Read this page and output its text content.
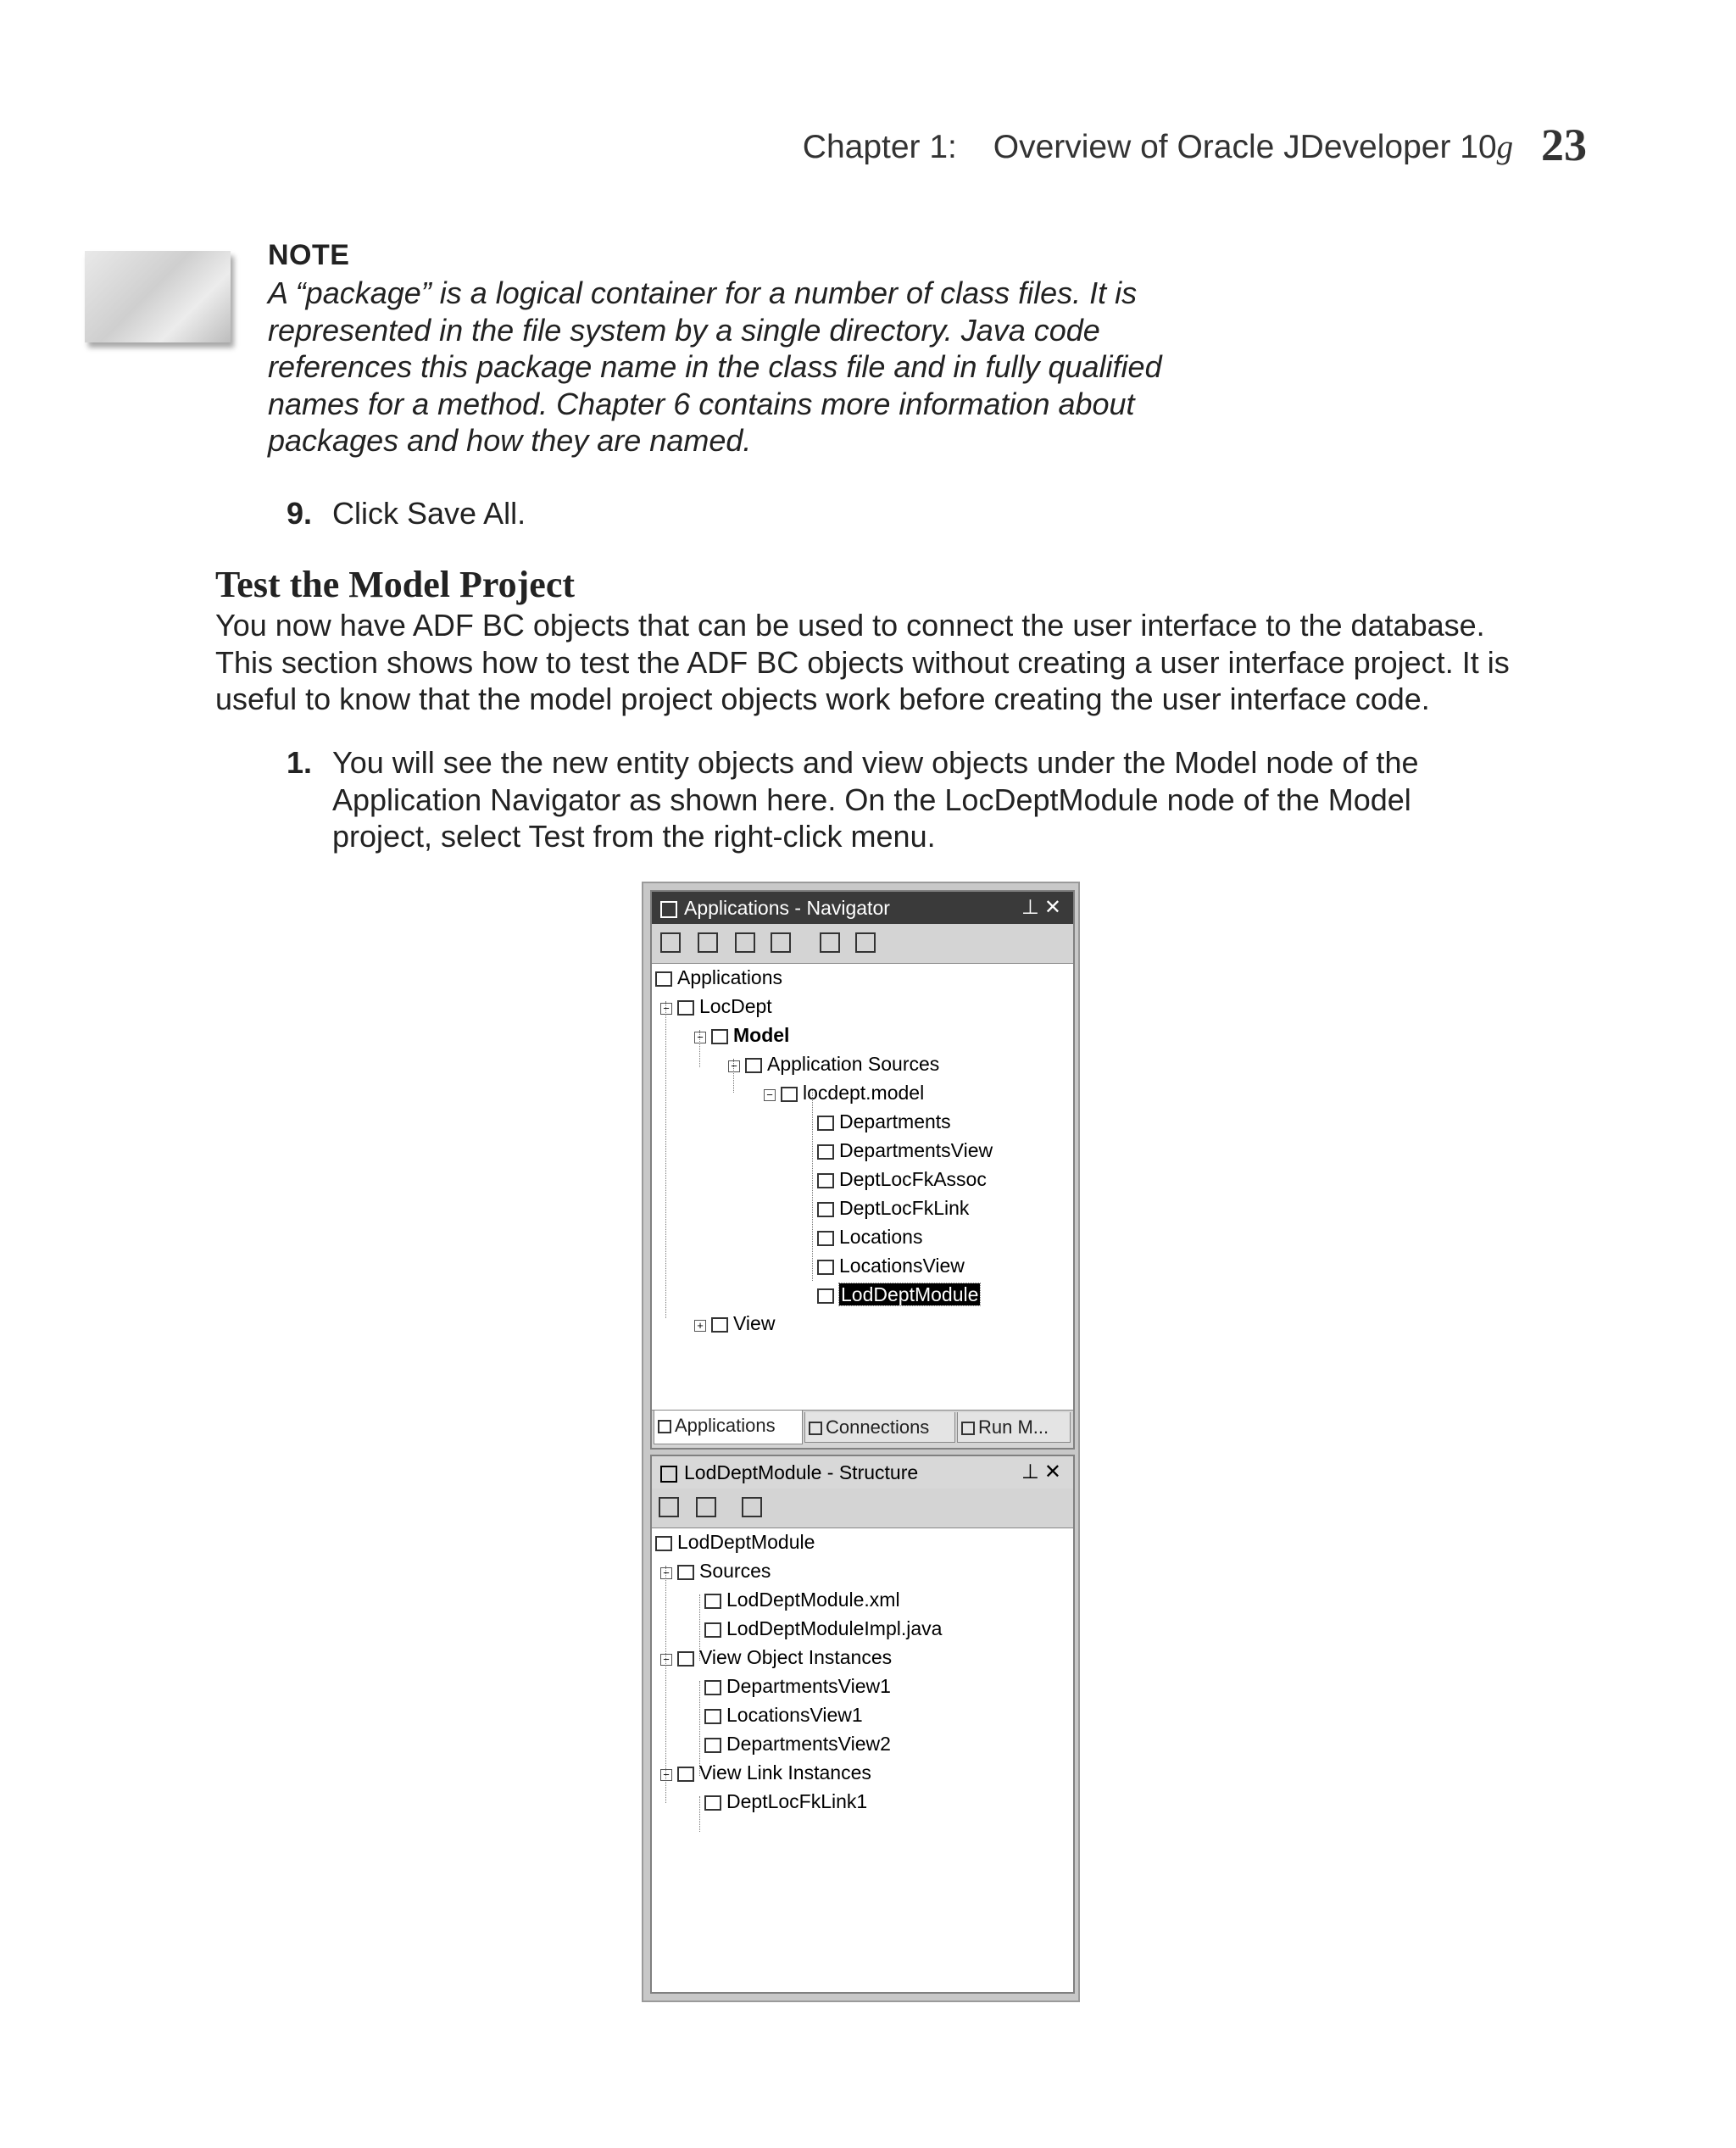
Chapter 1: Overview of Oracle JDeveloper 10g 23
NOTE
A “package” is a logical container for a number of class files. It is represented in the file system by a single directory. Java code references this package name in the class file and in fully qualified names for a method. Chapter 6 contains more information about packages and how they are named.
9. Click Save All.
Test the Model Project
You now have ADF BC objects that can be used to connect the user interface to the database. This section shows how to test the ADF BC objects without creating a user interface project. It is useful to know that the model project objects work before creating the user interface code.
1. You will see the new entity objects and view objects under the Model node of the Application Navigator as shown here. On the LocDeptModule node of the Model project, select Test from the right-click menu.
Applications - Navigator	⊥✕
Applications
− LocDept
− Model
− Application Sources
− locdept.model
Departments
DepartmentsView
DeptLocFkAssoc
DeptLocFkLink
Locations
LocationsView
LodDeptModule
+ View
Applications	Connections	Run M...
LodDeptModule - Structure	⊥✕
LodDeptModule
− Sources
LodDeptModule.xml
LodDeptModuleImpl.java
− View Object Instances
DepartmentsView1
LocationsView1
DepartmentsView2
− View Link Instances
DeptLocFkLink1
